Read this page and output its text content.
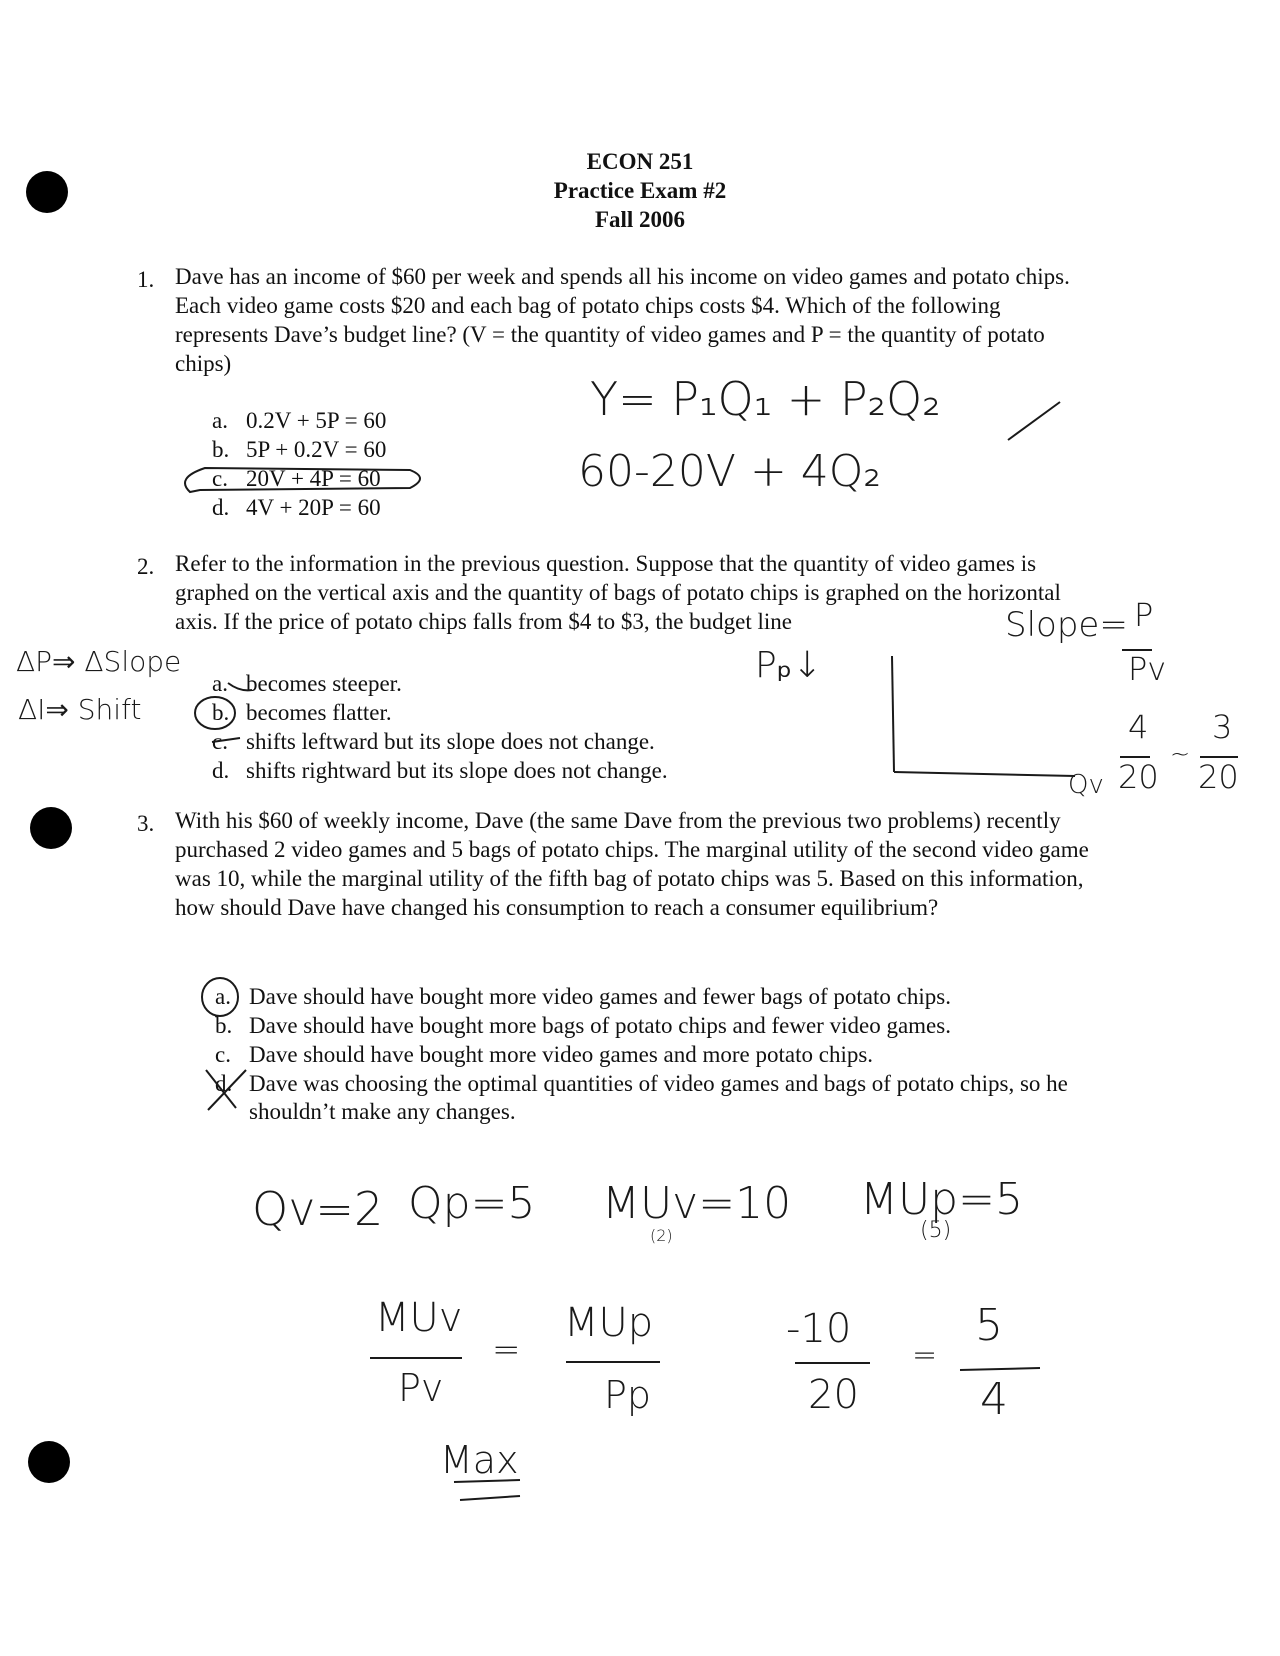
ECON 251
Practice Exam #2
Fall 2006
1. Dave has an income of $60 per week and spends all his income on video games and potato chips. Each video game costs $20 and each bag of potato chips costs $4. Which of the following represents Dave’s budget line? (V = the quantity of video games and P = the quantity of potato chips)
a. 0.2V + 5P = 60
b. 5P + 0.2V = 60
c. 20V + 4P = 60
d. 4V + 20P = 60
2. Refer to the information in the previous question. Suppose that the quantity of video games is graphed on the vertical axis and the quantity of bags of potato chips is graphed on the horizontal axis. If the price of potato chips falls from $4 to $3, the budget line
a. becomes steeper.
b. becomes flatter.
c. shifts leftward but its slope does not change.
d. shifts rightward but its slope does not change.
3. With his $60 of weekly income, Dave (the same Dave from the previous two problems) recently purchased 2 video games and 5 bags of potato chips. The marginal utility of the second video game was 10, while the marginal utility of the fifth bag of potato chips was 5. Based on this information, how should Dave have changed his consumption to reach a consumer equilibrium?
a. Dave should have bought more video games and fewer bags of potato chips.
b. Dave should have bought more bags of potato chips and fewer video games.
c. Dave should have bought more video games and more potato chips.
d. Dave was choosing the optimal quantities of video games and bags of potato chips, so he shouldn’t make any changes.
Y= P₁Q₁ + P₂Q₂
60-20V + 4Q₂
ΔP⇒ ΔSlope
ΔI⇒ Shift
Pₚ↓
Slope= P
Pv
Qv
4
20
~
3
20
Qv=2 Qp=5 MUv=10
(2)
MUp=5
(5)
MUv
Pv
=
MUp
Pp
-10
20
=
5
4
Max
